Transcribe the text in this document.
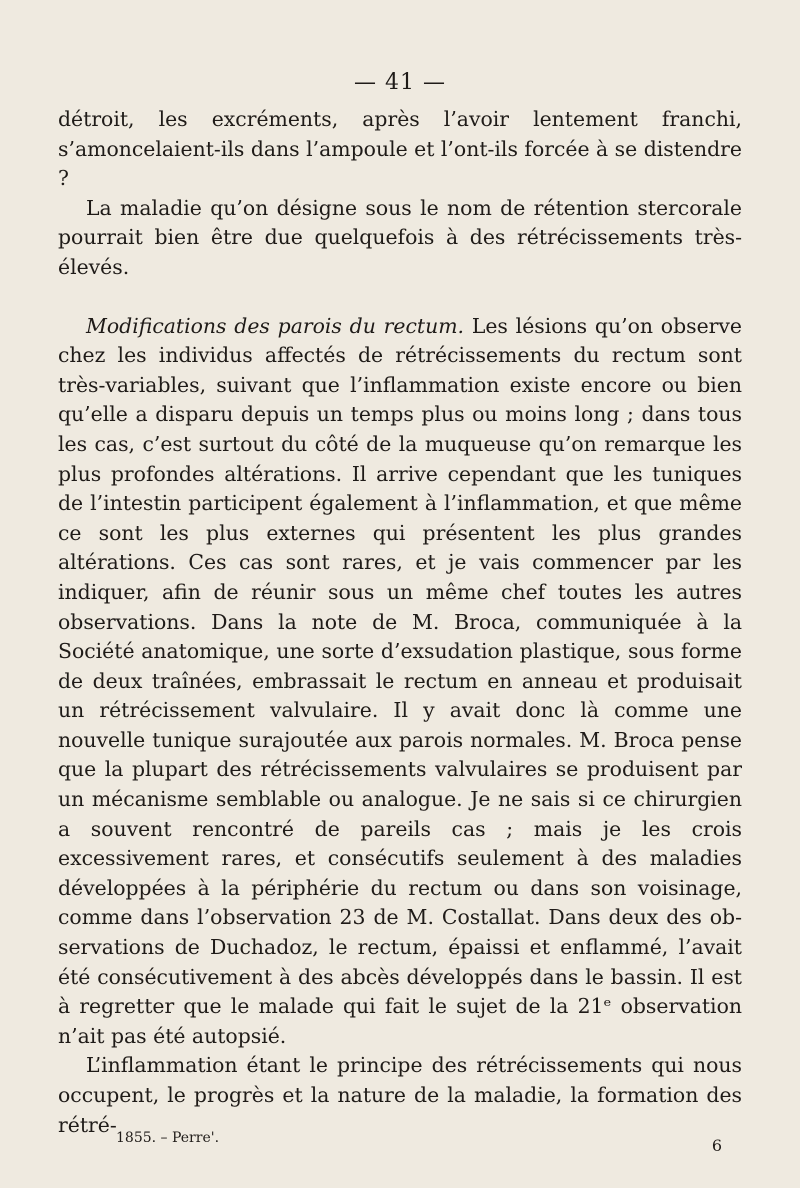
— 41 —

détroit, les excréments, après l’avoir lentement franchi, s’amoncelaient-ils dans l’ampoule et l’ont-ils forcée à se distendre ?

La maladie qu’on désigne sous le nom de rétention stercorale pourrait bien être due quelquefois à des rétrécissements très-élevés.

Modifications des parois du rectum. Les lésions qu’on observe chez les individus affectés de rétrécissements du rectum sont très-variables, suivant que l’inflammation existe encore ou bien qu’elle a disparu depuis un temps plus ou moins long ; dans tous les cas, c’est surtout du côté de la muqueuse qu’on remarque les plus profondes altérations. Il arrive cependant que les tuniques de l’intestin participent également à l’inflammation, et que même ce sont les plus externes qui présentent les plus grandes altérations. Ces cas sont rares, et je vais commencer par les indiquer, afin de réunir sous un même chef toutes les autres observations. Dans la note de M. Broca, communiquée à la Société anatomique, une sorte d’exsudation plastique, sous forme de deux traînées, embrassait le rectum en anneau et produisait un rétrécissement valvulaire. Il y avait donc là comme une nouvelle tunique surajoutée aux parois normales. M. Broca pense que la plupart des rétrécissements valvulaires se produisent par un mécanisme semblable ou analogue. Je ne sais si ce chirurgien a souvent rencontré de pareils cas ; mais je les crois excessivement rares, et consécutifs seulement à des maladies développées à la périphérie du rectum ou dans son voisinage, comme dans l’observation 23 de M. Costallat. Dans deux des observations de Duchadoz, le rectum, épaissi et enflammé, l’avait été consécutivement à des abcès développés dans le bassin. Il est à regretter que le malade qui fait le sujet de la 21ᵉ observation n’ait pas été autopsié.

L’inflammation étant le principe des rétrécissements qui nous occupent, le progrès et la nature de la maladie, la formation des rétré-

1855. – Perre'.	6
